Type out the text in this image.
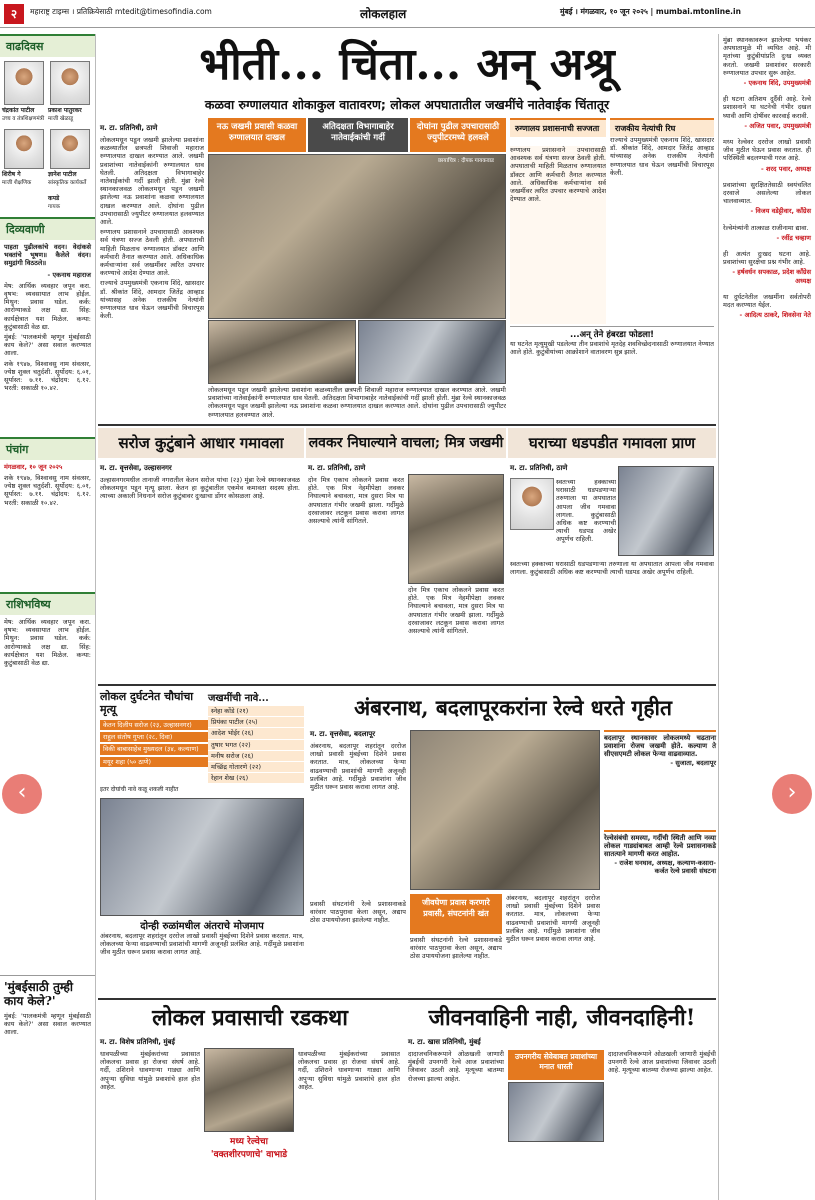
२	महाराष्ट्र टाइम्स । प्रतिक्रियेसाठी mtedit@timesofindia.com	लोकलहाल	मुंबई । मंगळवार, १० जून २०२५ | mumbai.mtonline.in
वाढदिवस
चंद्रकांत पाटील
उच्च व तंत्रशिक्षणमंत्री
प्रकाश पातुरकर
माजी खेळाडू
शिरीष गे
माजी शैक्षणिक
ज्ञानेश पाटील
सांस्कृतिक कार्यकर्ते
कपडे
गायक
दिव्यवाणी
पाहता पुढीलकांचे वदन। वेदांकसे भक्तांचे भूषण॥ कैलेले वंदन। समुद्रांगी विठठले॥
- एकनाथ महाराज

मेष: आर्थिक व्यवहार जपून करा. वृषभ: व्यवसायात लाभ होईल. मिथुन: प्रवास घडेल. कर्क: आरोग्याकडे लक्ष द्या. सिंह: कार्यक्षेत्रात यश मिळेल. कन्या: कुटुंबासाठी वेळ द्या.

मुंबई: 'पालकमंत्री म्हणून मुंबईसाठी काय केले?' असा सवाल करण्यात आला.

शके १९४७, विश्वावसु नाम संवत्सर, ज्येष्ठ शुक्ल चतुर्दशी. सूर्योदय: ६.०१, सूर्यास्त: ७.११. चंद्रोदय: ६.१२. भरती: सकाळी १०.४२.

पंचांग
मंगळवार, १० जून २०२५
शके १९४७, विश्वावसु नाम संवत्सर, ज्येष्ठ शुक्ल चतुर्दशी. सूर्योदय: ६.०१, सूर्यास्त: ७.११. चंद्रोदय: ६.१२. भरती: सकाळी १०.४२.
राशिभविष्य
मेष: आर्थिक व्यवहार जपून करा. वृषभ: व्यवसायात लाभ होईल. मिथुन: प्रवास घडेल. कर्क: आरोग्याकडे लक्ष द्या. सिंह: कार्यक्षेत्रात यश मिळेल. कन्या: कुटुंबासाठी वेळ द्या.
'मुंबईसाठी तुम्ही काय केले?'
मुंबई: 'पालकमंत्री म्हणून मुंबईसाठी काय केले?' असा सवाल करण्यात आला.
भीती... चिंता... अन् अश्रू
कळवा रुग्णालयात शोकाकुल वातावरण; लोकल अपघातातील जखमींचे नातेवाईक चिंतातूर
नऊ जखमी प्रवासी कळवा रुग्णालयात दाखल
अतिदक्षता विभागाबाहेर नातेवाईकांची गर्दी
दोघांना पुढील उपचारासाठी ज्युपीटरमध्ये हलवले
म. टा. प्रतिनिधी, ठाणे

लोकलमधून पडून जखमी झालेल्या प्रवाशांना कळव्यातील छत्रपती शिवाजी महाराज रुग्णालयात दाखल करण्यात आले. जखमी प्रवाशांच्या नातेवाईकांनी रुग्णालयात धाव घेतली. अतिदक्षता विभागाबाहेर नातेवाईकांची गर्दी झाली होती. मुंब्रा रेल्वे स्थानकाजवळ लोकलमधून पडून जखमी झालेल्या नऊ प्रवाशांना कळवा रुग्णालयात दाखल करण्यात आले. दोघांना पुढील उपचारासाठी ज्युपीटर रुग्णालयात हलवण्यात आले.

रुग्णालय प्रशासनाने उपचारासाठी आवश्यक सर्व यंत्रणा सज्ज ठेवली होती. अपघाताची माहिती मिळताच रुग्णालयात डॉक्टर आणि कर्मचारी तैनात करण्यात आले. अधिकाधिक कर्मचाऱ्यांना सर्व जखमींवर त्वरित उपचार करण्याचे आदेश देण्यात आले.

राज्याचे उपमुख्यमंत्री एकनाथ शिंदे, खासदार डॉ. श्रीकांत शिंदे, आमदार जितेंद्र आव्हाड यांच्यासह अनेक राजकीय नेत्यांनी रुग्णालयात धाव घेऊन जखमींची विचारपूस केली.

छायाचित्र : दीपक गायकवाड
लोकलमधून पडून जखमी झालेल्या प्रवाशांना कळव्यातील छत्रपती शिवाजी महाराज रुग्णालयात दाखल करण्यात आले. जखमी प्रवाशांच्या नातेवाईकांनी रुग्णालयात धाव घेतली. अतिदक्षता विभागाबाहेर नातेवाईकांची गर्दी झाली होती. मुंब्रा रेल्वे स्थानकाजवळ लोकलमधून पडून जखमी झालेल्या नऊ प्रवाशांना कळवा रुग्णालयात दाखल करण्यात आले. दोघांना पुढील उपचारासाठी ज्युपीटर रुग्णालयात हलवण्यात आले.
रुग्णालय प्रशासनाची सज्जता
रुग्णालय प्रशासनाने उपचारासाठी आवश्यक सर्व यंत्रणा सज्ज ठेवली होती. अपघाताची माहिती मिळताच रुग्णालयात डॉक्टर आणि कर्मचारी तैनात करण्यात आले. अधिकाधिक कर्मचाऱ्यांना सर्व जखमींवर त्वरित उपचार करण्याचे आदेश देण्यात आले.
राजकीय नेत्यांची रिघ
राज्याचे उपमुख्यमंत्री एकनाथ शिंदे, खासदार डॉ. श्रीकांत शिंदे, आमदार जितेंद्र आव्हाड यांच्यासह अनेक राजकीय नेत्यांनी रुग्णालयात धाव घेऊन जखमींची विचारपूस केली.
...अन् तेने हंबरडा फोडला!
या घटनेत मृत्युमुखी पडलेल्या तीन प्रवाशांचे मृतदेह शवविच्छेदनासाठी रुग्णालयात नेण्यात आले होते. कुटुंबीयांच्या आक्रोशाने वातावरण सुन्न झाले.
सरोज कुटुंबाने आधार गमावला	लवकर निघाल्याने वाचला; मित्र जखमी	घराच्या धडपडीत गमावला प्राण
म. टा. वृत्तसेवा, उल्हासनगर
उल्हासनगरमधील तानाजी नगरातील केतन सरोज यांचा (२३) मुंब्रा रेल्वे स्थानकाजवळ लोकलमधून पडून मृत्यू झाला. केतन हा कुटुंबातील एकमेव कमावता सदस्य होता. त्याच्या अकाली निधनाने सरोज कुटुंबावर दुःखाचा डोंगर कोसळला आहे.
म. टा. प्रतिनिधी, ठाणे
दोन मित्र एकाच लोकलने प्रवास करत होते. एक मित्र नेहमीपेक्षा लवकर निघाल्याने बचावला, मात्र दुसरा मित्र या अपघातात गंभीर जखमी झाला. गर्दीमुळे दरवाजावर लटकून प्रवास करावा लागत असल्याचे त्यांनी सांगितले.
दोन मित्र एकाच लोकलने प्रवास करत होते. एक मित्र नेहमीपेक्षा लवकर निघाल्याने बचावला, मात्र दुसरा मित्र या अपघातात गंभीर जखमी झाला. गर्दीमुळे दरवाजावर लटकून प्रवास करावा लागत असल्याचे त्यांनी सांगितले.
म. टा. प्रतिनिधी, ठाणे
स्वतःच्या हक्काच्या घरासाठी धडपडणाऱ्या तरुणाला या अपघातात आपला जीव गमवावा लागला. कुटुंबासाठी अधिक कष्ट करण्याची त्याची धडपड अखेर अपूर्णच राहिली.
स्वतःच्या हक्काच्या घरासाठी धडपडणाऱ्या तरुणाला या अपघातात आपला जीव गमवावा लागला. कुटुंबासाठी अधिक कष्ट करण्याची त्याची धडपड अखेर अपूर्णच राहिली.
लोकल दुर्घटनेत चौघांचा मृत्यू
केतन दिलीप सरोज (२३, उल्हासनगर)
राहुल संतोष गुप्ता (२८, दिवा)
विकी बाबासाहेब मुख्यदल (३४, कल्याण)
मयूर शहा (५० ठाणे)
जखमींची नावे...
स्नेहा कोंडे (२१)
प्रियंका पाटील (२५)
आदेश भोईर (२६)
तुषार भगत (२२)
मनीष सरोज (२६)
मच्छिंद्र गोतारणे (२२)
रेहान शेख (२६)
इतर दोघांची नावे कळू शकली नाहीत
दोन्ही रुळांमधील अंतराचे मोजमाप
अंबरनाथ, बदलापूर शहरांतून दररोज लाखो प्रवासी मुंबईच्या दिशेने प्रवास करतात. मात्र, लोकलच्या फेऱ्या वाढवण्याची प्रवाशांची मागणी अजूनही प्रलंबित आहे. गर्दीमुळे प्रवाशांना जीव मुठीत धरून प्रवास करावा लागत आहे.
अंबरनाथ, बदलापूरकरांना रेल्वे धरते गृहीत
म. टा. वृत्तसेवा, बदलापूर
अंबरनाथ, बदलापूर शहरांतून दररोज लाखो प्रवासी मुंबईच्या दिशेने प्रवास करतात. मात्र, लोकलच्या फेऱ्या वाढवण्याची प्रवाशांची मागणी अजूनही प्रलंबित आहे. गर्दीमुळे प्रवाशांना जीव मुठीत धरून प्रवास करावा लागत आहे.
बदलापूर स्थानकावर लोकलमध्ये चढताना प्रवाशांना रोजच जखमी होते. कल्याण ते सीएसएमटी लोकल फेऱ्या वाढवाव्यात.
- सुजाता, बदलापूर
रेल्वेसंबंधी समस्या, गर्दीची स्थिती आणि नव्या लोकल गाड्यांबाबत आम्ही रेल्वे प्रशासनाकडे सातत्याने मागणी करत आहोत.
- राजेश घनघाव, अध्यक्ष, कल्याण-कसारा-कर्जत रेल्वे प्रवासी संघटना
जीवघेणा प्रवास करणारे प्रवासी, संघटनांनी खंत
प्रवासी संघटनांनी रेल्वे प्रशासनाकडे वारंवार पाठपुरावा केला असून, अद्याप ठोस उपाययोजना झालेल्या नाहीत.
अंबरनाथ, बदलापूर शहरांतून दररोज लाखो प्रवासी मुंबईच्या दिशेने प्रवास करतात. मात्र, लोकलच्या फेऱ्या वाढवण्याची प्रवाशांची मागणी अजूनही प्रलंबित आहे. गर्दीमुळे प्रवाशांना जीव मुठीत धरून प्रवास करावा लागत आहे.
प्रवासी संघटनांनी रेल्वे प्रशासनाकडे वारंवार पाठपुरावा केला असून, अद्याप ठोस उपाययोजना झालेल्या नाहीत.
लोकल प्रवासाची रडकथा	जीवनवाहिनी नाही, जीवनदाहिनी!
म. टा. विशेष प्रतिनिधी, मुंबई	म. टा. खास प्रतिनिधी, मुंबई
धावपळीच्या मुंबईकरांच्या प्रवासात लोकलचा प्रवास हा रोजचा संघर्ष आहे. गर्दी, उशिराने धावणाऱ्या गाड्या आणि अपुऱ्या सुविधा यांमुळे प्रवाशांचे हाल होत आहेत.
मध्य रेल्वेचा 'वक्तशीरपणाचे' वाभाडे
धावपळीच्या मुंबईकरांच्या प्रवासात लोकलचा प्रवास हा रोजचा संघर्ष आहे. गर्दी, उशिराने धावणाऱ्या गाड्या आणि अपुऱ्या सुविधा यांमुळे प्रवाशांचे हाल होत आहेत.
दादाजचनिकरूपाने ओळखली जाणारी मुंबईची उपनगरी रेल्वे आज प्रवाशांच्या जिवावर उठली आहे. मृत्यूच्या बातम्या रोजच्या झाल्या आहेत.
उपनगरीय सेवेबाबत प्रवाशांच्या मनात धास्ती
दादाजचनिकरूपाने ओळखली जाणारी मुंबईची उपनगरी रेल्वे आज प्रवाशांच्या जिवावर उठली आहे. मृत्यूच्या बातम्या रोजच्या झाल्या आहेत.
मुंब्रा स्थानकावरून झालेल्या भयंकर अपघातामुळे मी व्यथित आहे. मी मृतांच्या कुटुंबीयांप्रति दुःख व्यक्त करतो. जखमी प्रवाशांवर सरकारी रुग्णालयात उपचार सुरू आहेत.
- एकनाथ शिंदे, उपमुख्यमंत्री
ही घटना अतिशय दुर्दैवी आहे. रेल्वे प्रशासनाने या घटनेची गंभीर दखल घ्यावी आणि दोषींवर कारवाई करावी.
- अजित पवार, उपमुख्यमंत्री
मध्य रेल्वेवर दररोज लाखो प्रवासी जीव मुठीत घेऊन प्रवास करतात. ही परिस्थिती बदलण्याची गरज आहे.
- शरद पवार, अध्यक्ष
प्रवाशांच्या सुरक्षिततेसाठी स्वयंचलित दरवाजे असलेल्या लोकल चालवाव्यात.
- विजय वडेट्टीवार, काँग्रेस
रेल्वेमंत्र्यांनी तात्काळ राजीनामा द्यावा.
- रवींद्र चव्हाण
ही अत्यंत दुःखद घटना आहे. प्रवाशांच्या सुरक्षेचा प्रश्न गंभीर आहे.
- हर्षवर्धन सपकाळ, प्रदेश काँग्रेस अध्यक्ष
या दुर्घटनेतील जखमींना सर्वतोपरी मदत करण्यात येईल.
- आदित्य ठाकरे, शिवसेना नेते
‹	›
